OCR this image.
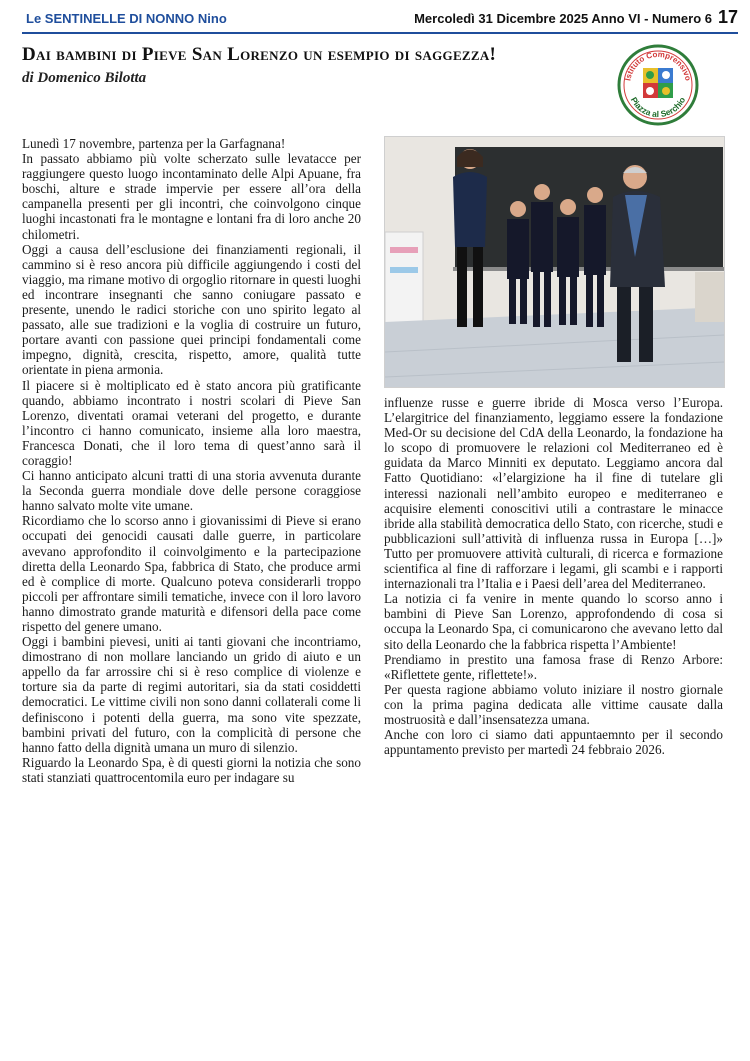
Le SENTINELLE DI NONNO Nino	Mercoledì 31 Dicembre 2025 Anno VI - Numero 6 17
Dai bambini di Pieve San Lorenzo un esempio di saggezza!
di Domenico Bilotta	Istituto Comprensivo
Piazza al Serchio

Lunedì 17 novembre, partenza per la Garfagnana!

In passato abbiamo più volte scherzato sulle levatacce per raggiungere questo luogo incontaminato delle Alpi Apuane, fra boschi, alture e strade impervie per essere all’ora della campanella presenti per gli incontri, che coinvolgono cinque luoghi incastonati fra le montagne e lontani fra di loro anche 20 chilometri.

Oggi a causa dell’esclusione dei finanziamenti regionali, il cammino si è reso ancora più difficile aggiungendo i costi del viaggio, ma rimane motivo di orgoglio ritornare in questi luoghi ed incontrare insegnanti che sanno coniugare passato e presente, unendo le radici storiche con uno spirito legato al passato, alle sue tradizioni e la voglia di costruire un futuro, portare avanti con passione quei principi fondamentali come impegno, dignità, crescita, rispetto, amore, qualità tutte orientate in piena armonia.

Il piacere si è moltiplicato ed è stato ancora più gratificante quando, abbiamo incontrato i nostri scolari di Pieve San Lorenzo, diventati oramai veterani del progetto, e durante l’incontro ci hanno comunicato, insieme alla loro maestra, Francesca Donati, che il loro tema di quest’anno sarà il coraggio!

Ci hanno anticipato alcuni tratti di una storia avvenuta durante la Seconda guerra mondiale dove delle persone coraggiose hanno salvato molte vite umane.

Ricordiamo che lo scorso anno i giovanissimi di Pieve si erano occupati dei genocidi causati dalle guerre, in particolare avevano approfondito il coinvolgimento e la partecipazione diretta della Leonardo Spa, fabbrica di Stato, che produce armi ed è complice di morte. Qualcuno poteva considerarli troppo piccoli per affrontare simili tematiche, invece con il loro lavoro hanno dimostrato grande maturità e difensori della pace come rispetto del genere umano.

Oggi i bambini pievesi, uniti ai tanti giovani che incontriamo, dimostrano di non mollare lanciando un grido di aiuto e un appello da far arrossire chi si è reso complice di violenze e torture sia da parte di regimi autoritari, sia da stati cosiddetti democratici. Le vittime civili non sono danni collaterali come li definiscono i potenti della guerra, ma sono vite spezzate, bambini privati del futuro, con la complicità di persone che hanno fatto della dignità umana un muro di silenzio.

Riguardo la Leonardo Spa, è di questi giorni la notizia che sono stati stanziati quattrocentomila euro per indagare su

influenze russe e guerre ibride di Mosca verso l’Europa. L’elargitrice del finanziamento, leggiamo essere la fondazione Med-Or su decisione del CdA della Leonardo, la fondazione ha lo scopo di promuovere le relazioni col Mediterraneo ed è guidata da Marco Minniti ex deputato. Leggiamo ancora dal Fatto Quotidiano: «l’elargizione ha il fine di tutelare gli interessi nazionali nell’ambito europeo e mediterraneo e acquisire elementi conoscitivi utili a contrastare le minacce ibride alla stabilità democratica dello Stato, con ricerche, studi e pubblicazioni sull’attività di influenza russa in Europa […]» Tutto per promuovere attività culturali, di ricerca e formazione scientifica al fine di rafforzare i legami, gli scambi e i rapporti internazionali tra l’Italia e i Paesi dell’area del Mediterraneo.

La notizia ci fa venire in mente quando lo scorso anno i bambini di Pieve San Lorenzo, approfondendo di cosa si occupa la Leonardo Spa, ci comunicarono che avevano letto dal sito della Leonardo che la fabbrica rispetta l’Ambiente!

Prendiamo in prestito una famosa frase di Renzo Arbore: «Riflettete gente, riflettete!».

Per questa ragione abbiamo voluto iniziare il nostro giornale con la prima pagina dedicata alle vittime causate dalla mostruosità e dall’insensatezza umana.

Anche con loro ci siamo dati appuntaemnto per il secondo appuntamento previsto per martedì 24 febbraio 2026.
